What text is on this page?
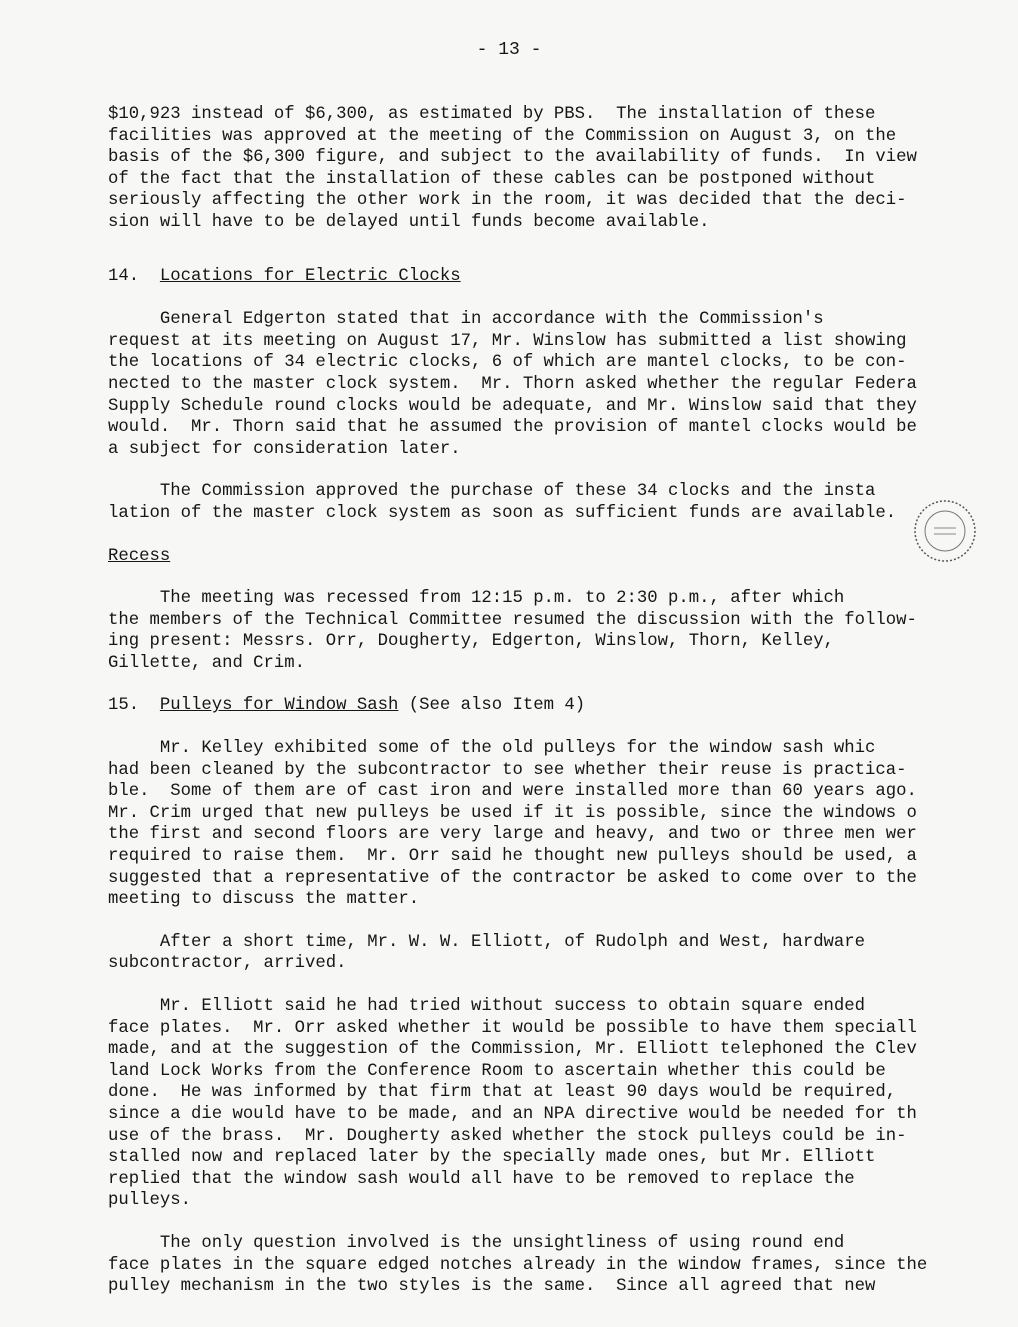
- 13 -

$10,923 instead of $6,300, as estimated by PBS.  The installation of these

facilities was approved at the meeting of the Commission on August 3, on the

basis of the $6,300 figure, and subject to the availability of funds.  In view

of the fact that the installation of these cables can be postponed without

seriously affecting the other work in the room, it was decided that the deci-

sion will have to be delayed until funds become available.

14. Locations for Electric Clocks

General Edgerton stated that in accordance with the Commission's

request at its meeting on August 17, Mr. Winslow has submitted a list showing

the locations of 34 electric clocks, 6 of which are mantel clocks, to be con-

nected to the master clock system.  Mr. Thorn asked whether the regular Federa

Supply Schedule round clocks would be adequate, and Mr. Winslow said that they

would.  Mr. Thorn said that he assumed the provision of mantel clocks would be

a subject for consideration later.

The Commission approved the purchase of these 34 clocks and the insta

lation of the master clock system as soon as sufficient funds are available.

Recess

The meeting was recessed from 12:15 p.m. to 2:30 p.m., after which

the members of the Technical Committee resumed the discussion with the follow-

ing present: Messrs. Orr, Dougherty, Edgerton, Winslow, Thorn, Kelley,

Gillette, and Crim.

15. Pulleys for Window Sash (See also Item 4)

Mr. Kelley exhibited some of the old pulleys for the window sash whic

had been cleaned by the subcontractor to see whether their reuse is practica-

ble.  Some of them are of cast iron and were installed more than 60 years ago.

Mr. Crim urged that new pulleys be used if it is possible, since the windows o

the first and second floors are very large and heavy, and two or three men wer

required to raise them.  Mr. Orr said he thought new pulleys should be used, a

suggested that a representative of the contractor be asked to come over to the

meeting to discuss the matter.

After a short time, Mr. W. W. Elliott, of Rudolph and West, hardware

subcontractor, arrived.

Mr. Elliott said he had tried without success to obtain square ended

face plates.  Mr. Orr asked whether it would be possible to have them speciall

made, and at the suggestion of the Commission, Mr. Elliott telephoned the Clev

land Lock Works from the Conference Room to ascertain whether this could be

done.  He was informed by that firm that at least 90 days would be required,

since a die would have to be made, and an NPA directive would be needed for th

use of the brass.  Mr. Dougherty asked whether the stock pulleys could be in-

stalled now and replaced later by the specially made ones, but Mr. Elliott

replied that the window sash would all have to be removed to replace the

pulleys.

The only question involved is the unsightliness of using round end

face plates in the square edged notches already in the window frames, since the

pulley mechanism in the two styles is the same.  Since all agreed that new
